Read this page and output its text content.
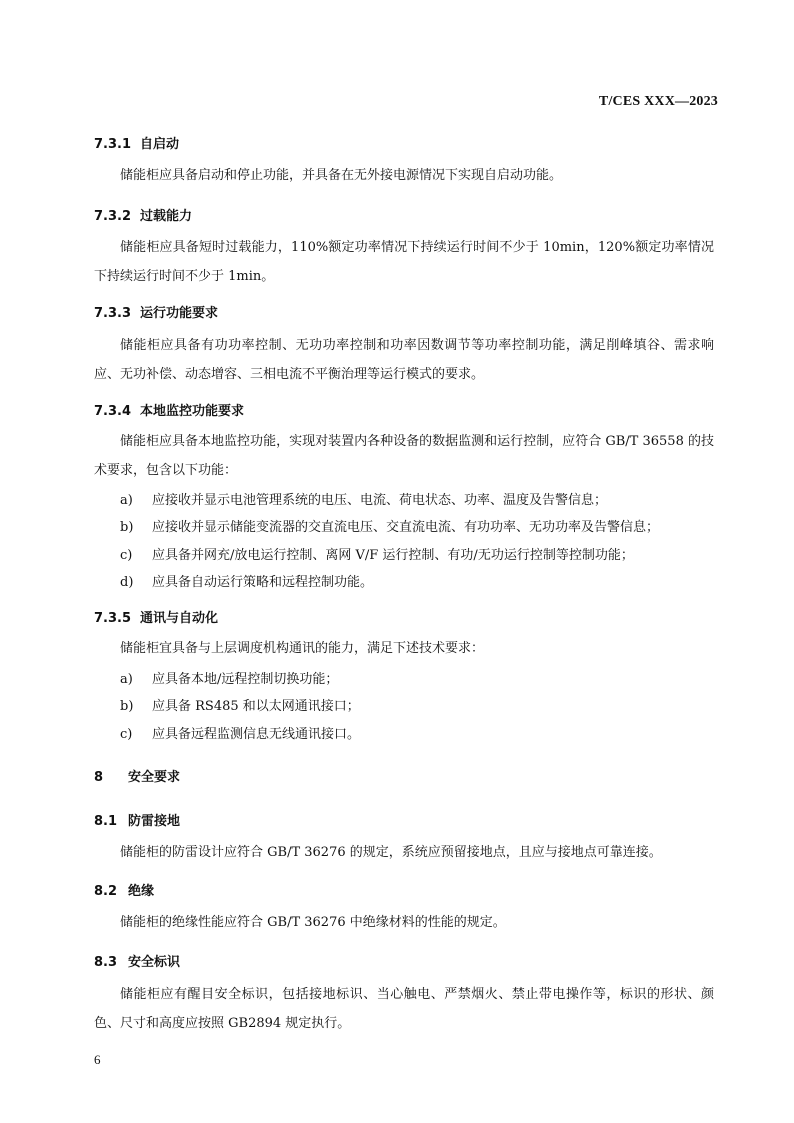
T/CES XXX—2023
7.3.1 自启动
储能柜应具备启动和停止功能，并具备在无外接电源情况下实现自启动功能。
7.3.2 过载能力
储能柜应具备短时过载能力，110%额定功率情况下持续运行时间不少于 10min，120%额定功率情况下持续运行时间不少于 1min。
7.3.3 运行功能要求
储能柜应具备有功功率控制、无功功率控制和功率因数调节等功率控制功能，满足削峰填谷、需求响应、无功补偿、动态增容、三相电流不平衡治理等运行模式的要求。
7.3.4 本地监控功能要求
储能柜应具备本地监控功能，实现对装置内各种设备的数据监测和运行控制，应符合 GB/T 36558 的技术要求，包含以下功能：
a) 应接收并显示电池管理系统的电压、电流、荷电状态、功率、温度及告警信息；
b) 应接收并显示储能变流器的交直流电压、交直流电流、有功功率、无功功率及告警信息；
c) 应具备并网充/放电运行控制、离网 V/F 运行控制、有功/无功运行控制等控制功能；
d) 应具备自动运行策略和远程控制功能。
7.3.5 通讯与自动化
储能柜宜具备与上层调度机构通讯的能力，满足下述技术要求：
a) 应具备本地/远程控制切换功能；
b) 应具备 RS485 和以太网通讯接口；
c) 应具备远程监测信息无线通讯接口。
8 安全要求
8.1 防雷接地
储能柜的防雷设计应符合 GB/T 36276 的规定，系统应预留接地点，且应与接地点可靠连接。
8.2 绝缘
储能柜的绝缘性能应符合 GB/T 36276 中绝缘材料的性能的规定。
8.3 安全标识
储能柜应有醒目安全标识，包括接地标识、当心触电、严禁烟火、禁止带电操作等，标识的形状、颜色、尺寸和高度应按照 GB2894 规定执行。
6
